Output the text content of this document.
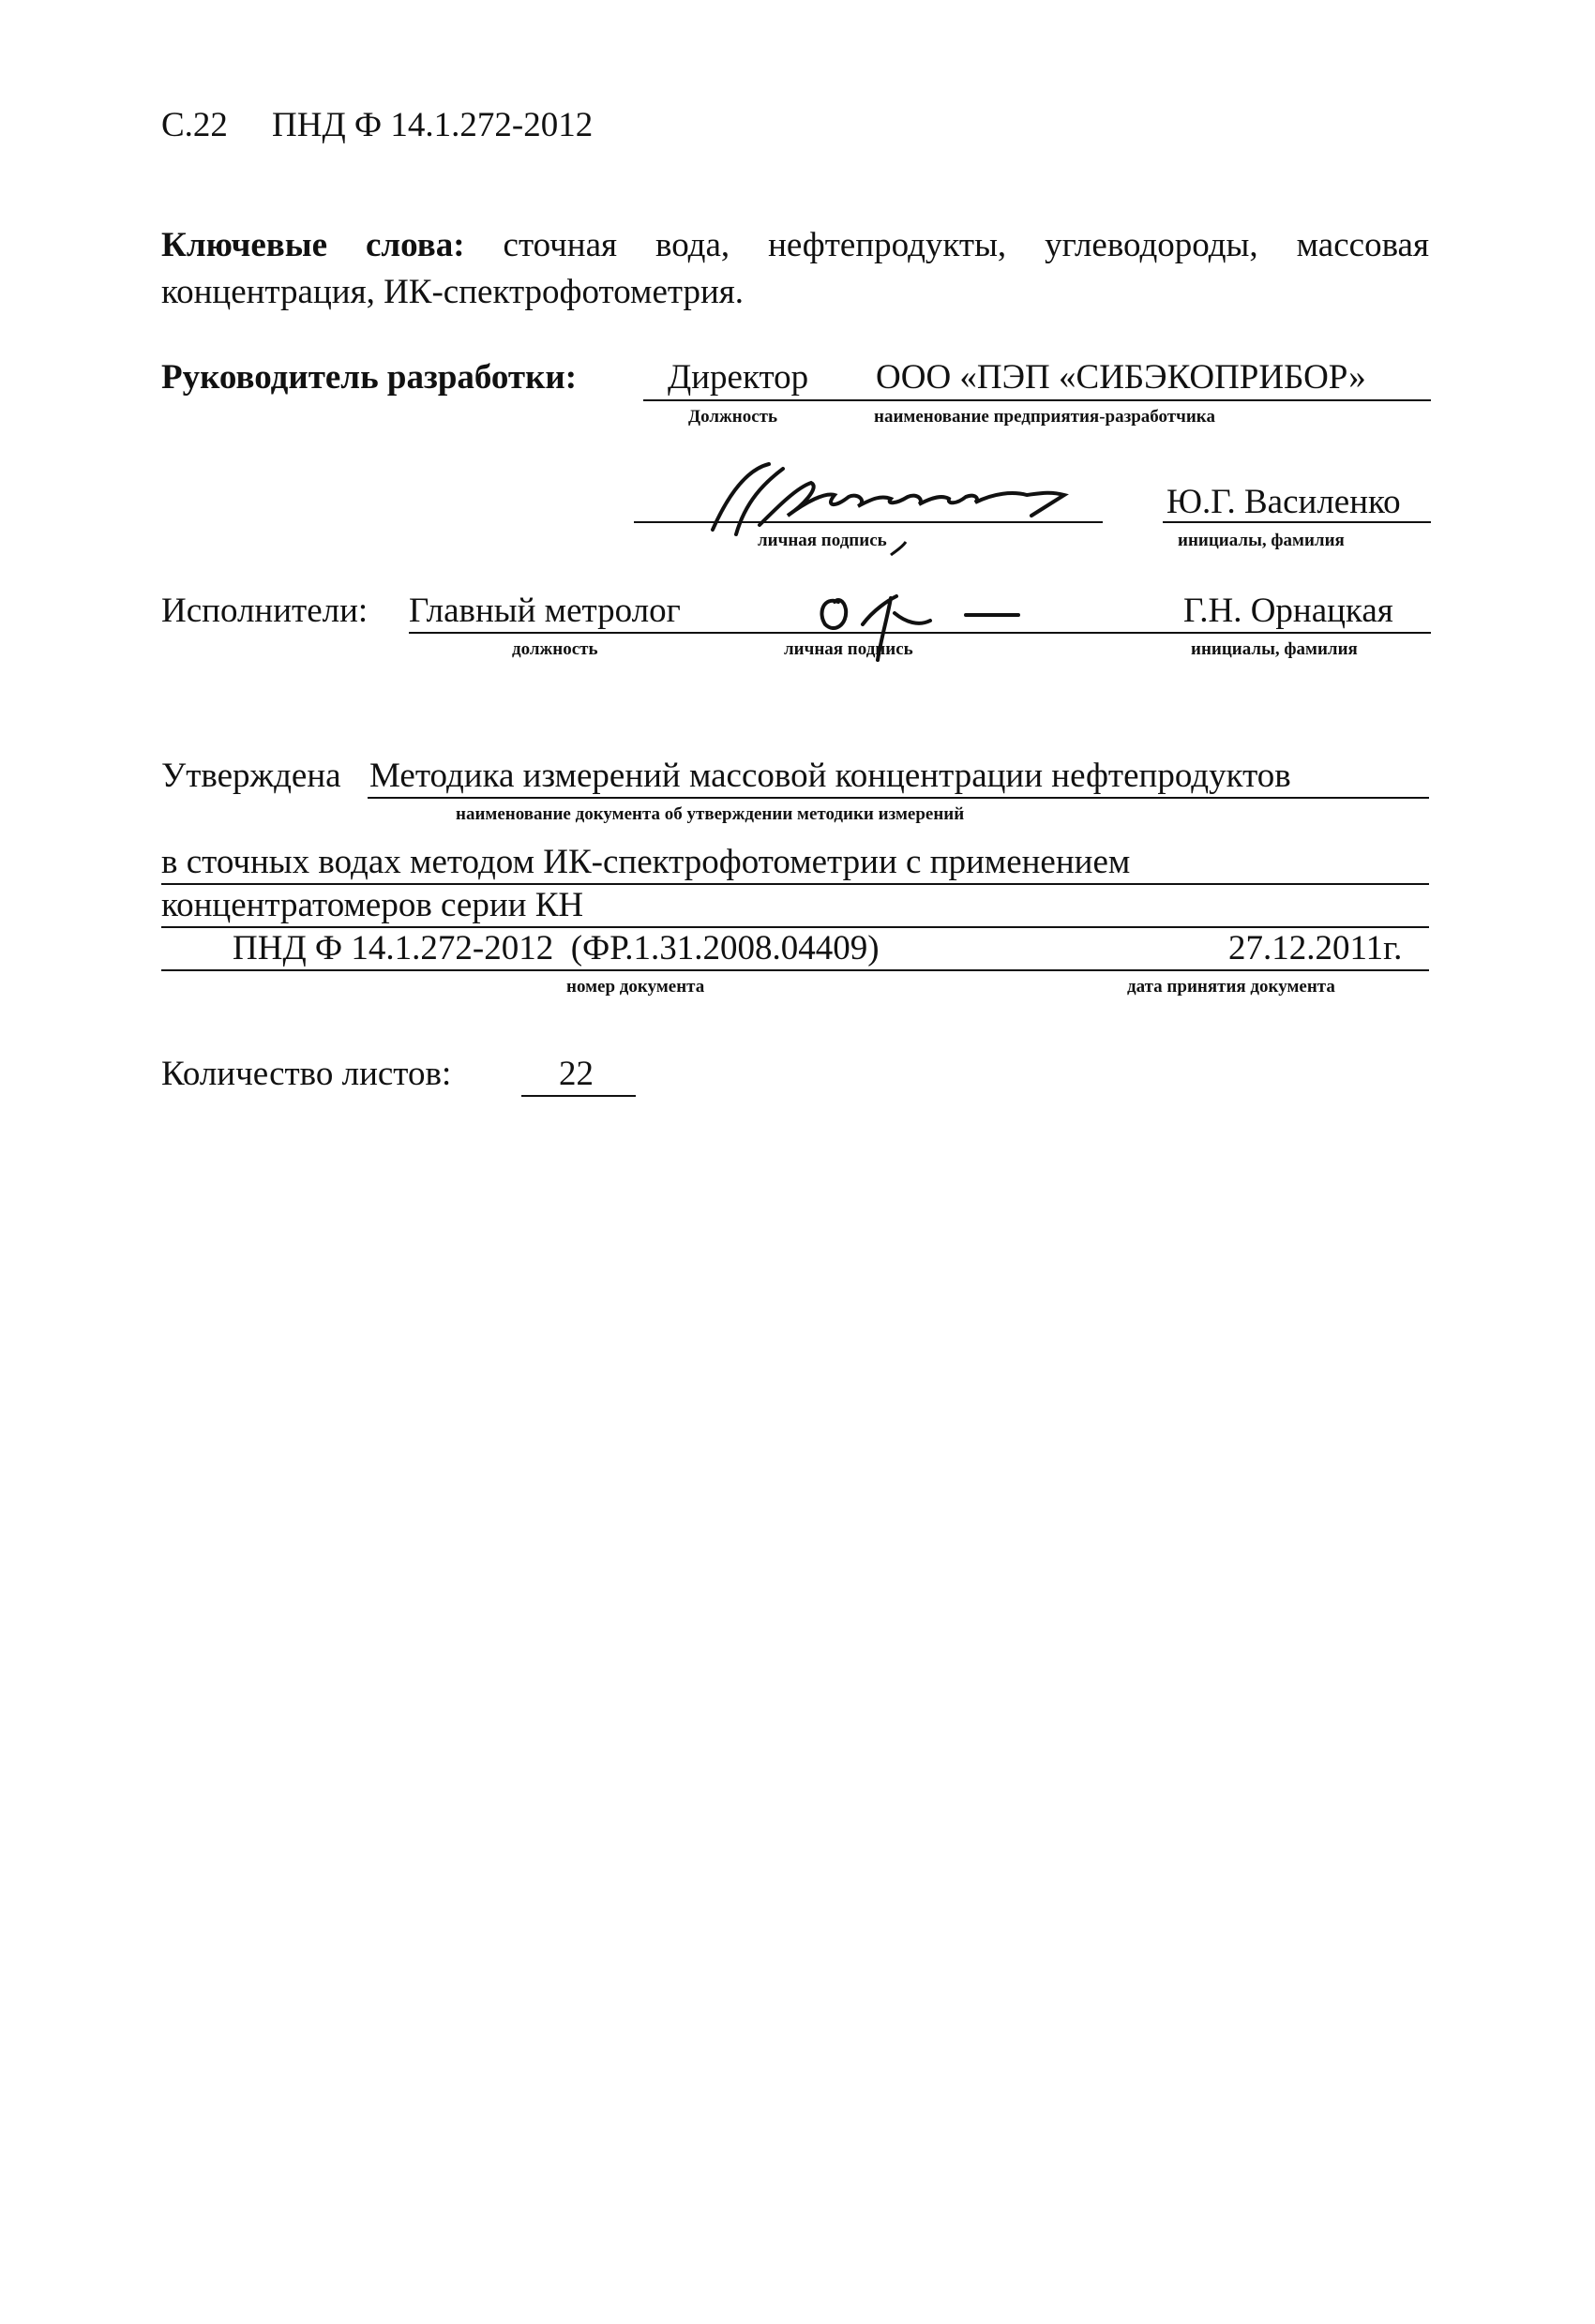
С.22 ПНД Ф 14.1.272-2012
Ключевые слова: сточная вода, нефтепродукты, углеводороды, массовая
концентрация, ИК-спектрофотометрия.
Руководитель разработки:	Директор ООО «ПЭП «СИБЭКОПРИБОР»
Должность	наименование предприятия-разработчика
Ю.Г. Василенко
личная подпись	инициалы, фамилия
Исполнители: Главный метролог	Г.Н. Орнацкая
должность	личная подпись	инициалы, фамилия
Утверждена Методика измерений массовой концентрации нефтепродуктов
наименование документа об утверждении методики измерений
в сточных водах методом ИК-спектрофотометрии с применением
концентратомеров серии КН
ПНД Ф 14.1.272-2012  (ФР.1.31.2008.04409)	27.12.2011г.
номер документа	дата принятия документа
Количество листов:	22
